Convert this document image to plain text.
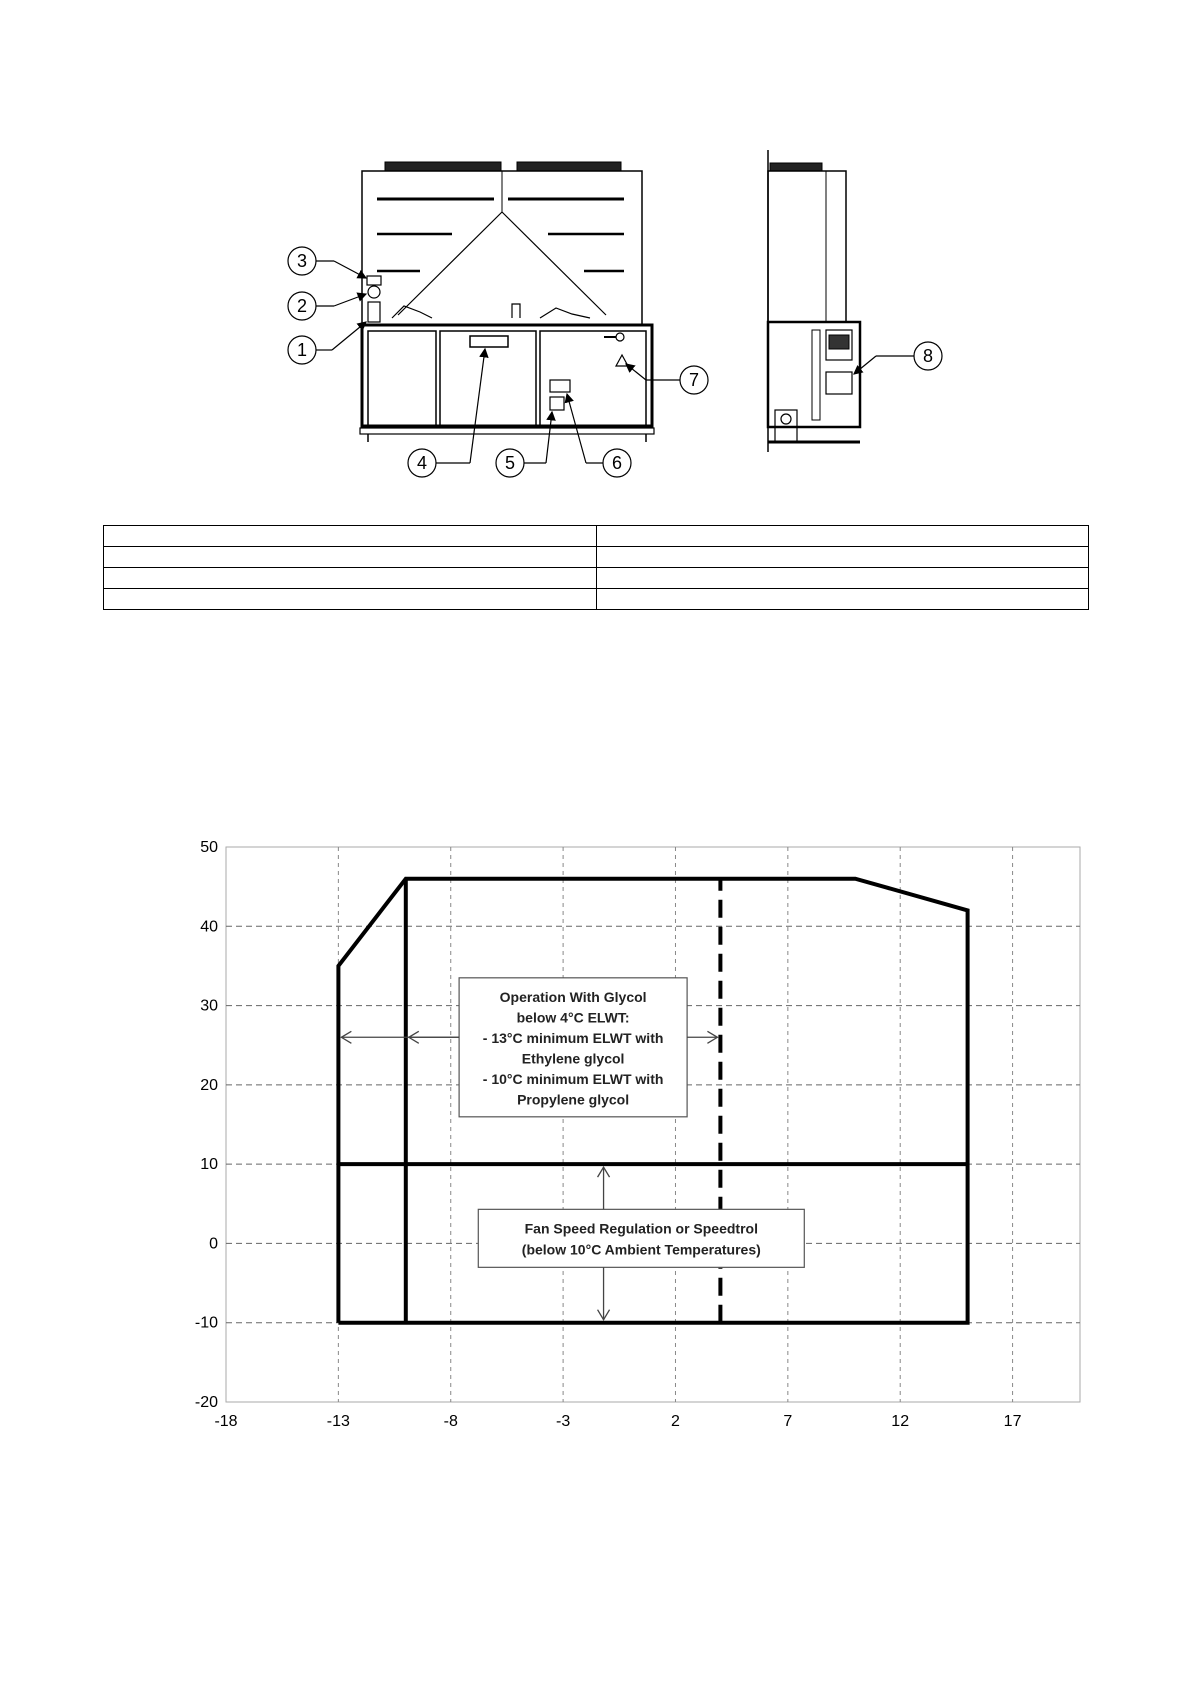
1
2
3
4	5	6
7
8

50
40
30
20
10
0
-10
-20
-18	-13	-8	-3	2	7	12	17
Operation With Glycol
below 4°C ELWT:
- 13°C minimum ELWT with
Ethylene glycol
- 10°C minimum ELWT with
Propylene glycol
Fan Speed Regulation or Speedtrol
(below 10°C Ambient Temperatures)
